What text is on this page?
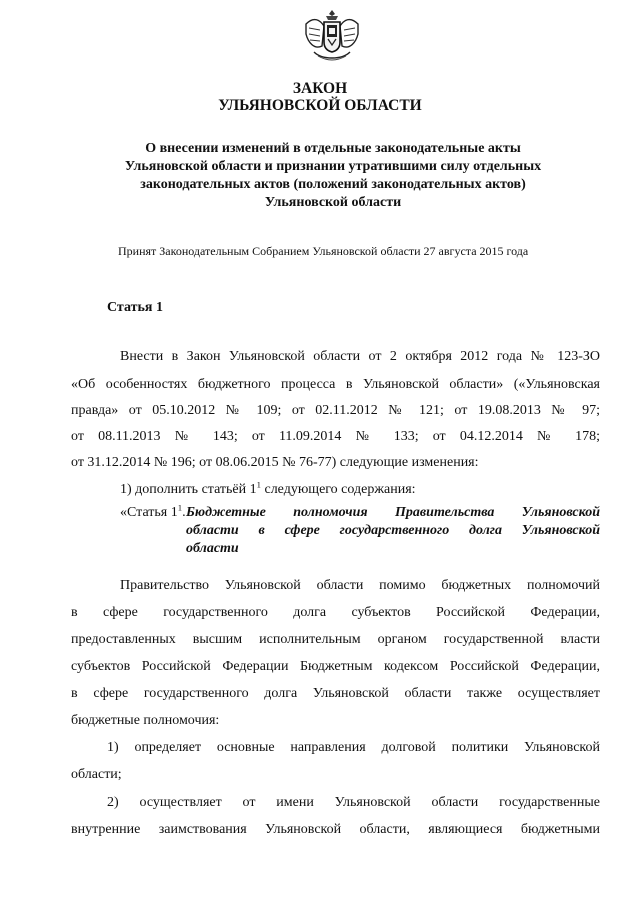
ЗАКОН
УЛЬЯНОВСКОЙ ОБЛАСТИ
О внесении изменений в отдельные законодательные акты
Ульяновской области и признании утратившими силу отдельных
законодательных актов (положений законодательных актов)
Ульяновской области
Принят Законодательным Собранием Ульяновской области 27 августа 2015 года
Статья 1
Внести в Закон Ульяновской области от 2 октября 2012 года № 123-ЗО
«Об особенностях бюджетного процесса в Ульяновской области» («Ульяновская
правда» от 05.10.2012 № 109; от 02.11.2012 № 121; от 19.08.2013 № 97;
от 08.11.2013 № 143; от 11.09.2014 № 133; от 04.12.2014 № 178;
от 31.12.2014 № 196; от 08.06.2015 № 76-77) следующие изменения:
1) дополнить статьёй $1^1$ следующего содержания:
«Статья $1^1$. Бюджетные полномочия Правительства Ульяновской
области в сфере государственного долга Ульяновской
области
Правительство Ульяновской области помимо бюджетных полномочий
в сфере государственного долга субъектов Российской Федерации,
предоставленных высшим исполнительным органом государственной власти
субъектов Российской Федерации Бюджетным кодексом Российской Федерации,
в сфере государственного долга Ульяновской области также осуществляет
бюджетные полномочия:
1) определяет основные направления долговой политики Ульяновской
области;
2) осуществляет от имени Ульяновской области государственные
внутренние заимствования Ульяновской области, являющиеся бюджетными
